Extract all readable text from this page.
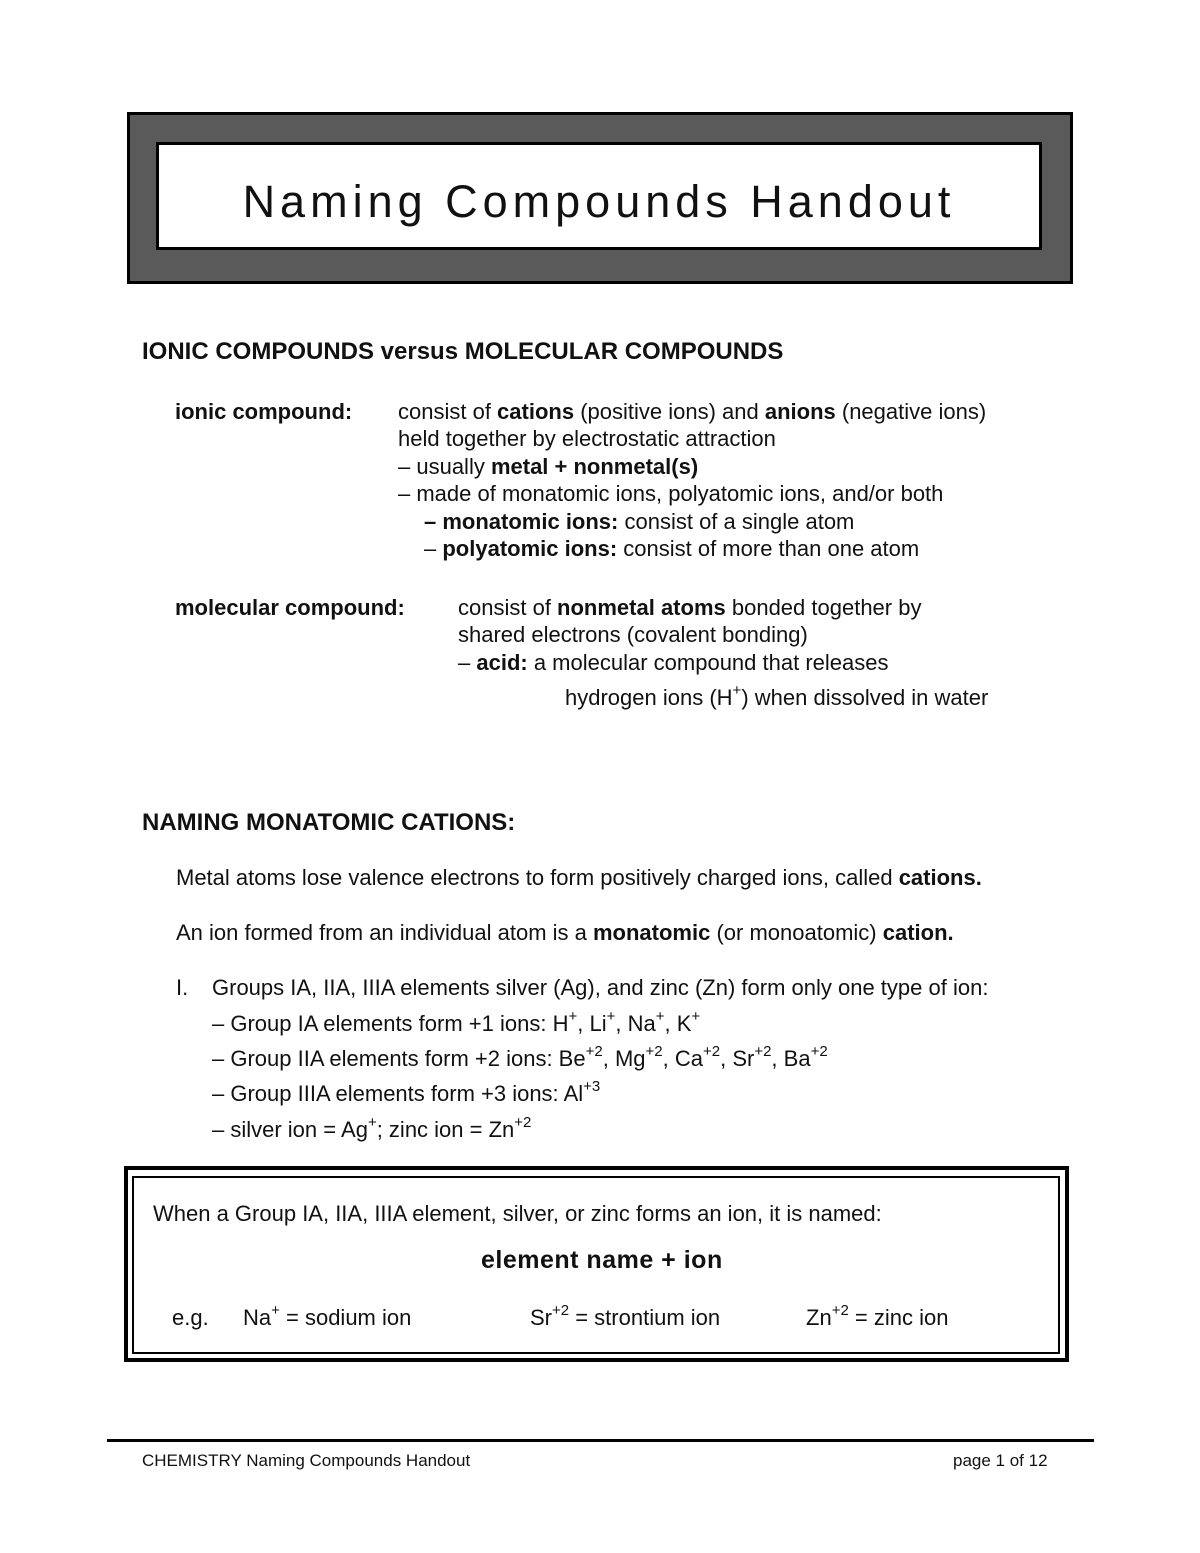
Naming Compounds Handout
IONIC COMPOUNDS versus MOLECULAR COMPOUNDS
ionic compound: consist of cations (positive ions) and anions (negative ions)
held together by electrostatic attraction
– usually metal + nonmetal(s)
– made of monatomic ions, polyatomic ions, and/or both
– monatomic ions: consist of a single atom
– polyatomic ions: consist of more than one atom
molecular compound: consist of nonmetal atoms bonded together by
shared electrons (covalent bonding)
– acid: a molecular compound that releases
hydrogen ions (H+) when dissolved in water
NAMING MONATOMIC CATIONS:
Metal atoms lose valence electrons to form positively charged ions, called cations.
An ion formed from an individual atom is a monatomic (or monoatomic) cation.
I. Groups IA, IIA, IIIA elements silver (Ag), and zinc (Zn) form only one type of ion:
– Group IA elements form +1 ions: H+, Li+, Na+, K+
– Group IIA elements form +2 ions: $Be^{+2}$, $Mg^{+2}$, $Ca^{+2}$, $Sr^{+2}$, $Ba^{+2}$
– Group IIIA elements form +3 ions: $Al^{+3}$
– silver ion = Ag+; zinc ion = $Zn^{+2}$
When a Group IA, IIA, IIIA element, silver, or zinc forms an ion, it is named:
element name + ion
e.g. Na+ = sodium ion	$Sr^{+2}$ = strontium ion	$Zn^{+2}$ = zinc ion
CHEMISTRY Naming Compounds Handout	page 1 of 12
